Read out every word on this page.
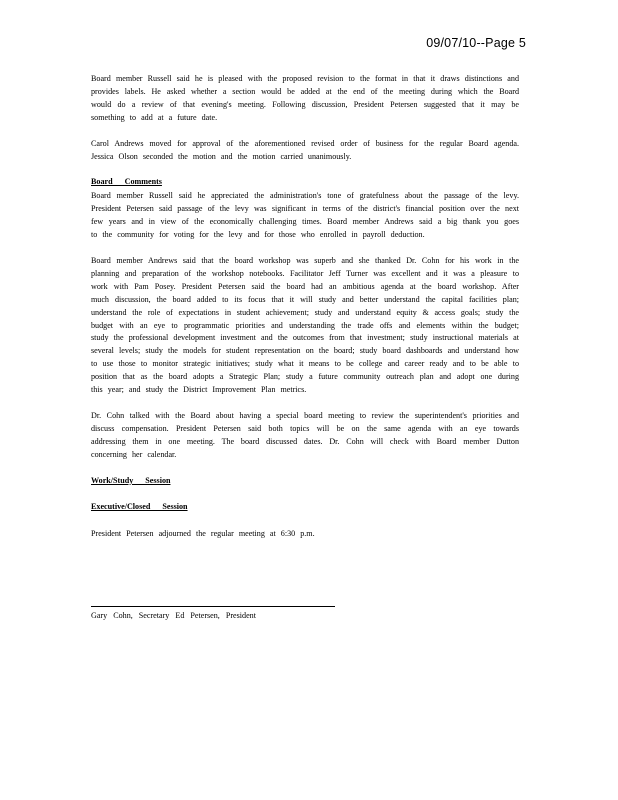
09/07/10--Page 5

Board member Russell said he is pleased with the proposed revision to the format in that it draws distinctions and provides labels. He asked whether a section would be added at the end of the meeting during which the Board would do a review of that evening's meeting. Following discussion, President Petersen suggested that it may be something to add at a future date.

Carol Andrews moved for approval of the aforementioned revised order of business for the regular Board agenda. Jessica Olson seconded the motion and the motion carried unanimously.

Board Comments

Board member Russell said he appreciated the administration's tone of gratefulness about the passage of the levy. President Petersen said passage of the levy was significant in terms of the district's financial position over the next few years and in view of the economically challenging times. Board member Andrews said a big thank you goes to the community for voting for the levy and for those who enrolled in payroll deduction.

Board member Andrews said that the board workshop was superb and she thanked Dr. Cohn for his work in the planning and preparation of the workshop notebooks. Facilitator Jeff Turner was excellent and it was a pleasure to work with Pam Posey. President Petersen said the board had an ambitious agenda at the board workshop. After much discussion, the board added to its focus that it will study and better understand the capital facilities plan; understand the role of expectations in student achievement; study and understand equity & access goals; study the budget with an eye to programmatic priorities and understanding the trade offs and elements within the budget; study the professional development investment and the outcomes from that investment; study instructional materials at several levels; study the models for student representation on the board; study board dashboards and understand how to use those to monitor strategic initiatives; study what it means to be college and career ready and to be able to position that as the board adopts a Strategic Plan; study a future community outreach plan and adopt one during this year; and study the District Improvement Plan metrics.

Dr. Cohn talked with the Board about having a special board meeting to review the superintendent's priorities and discuss compensation. President Petersen said both topics will be on the same agenda with an eye towards addressing them in one meeting. The board discussed dates. Dr. Cohn will check with Board member Dutton concerning her calendar.

Work/Study Session
Executive/Closed Session

President Petersen adjourned the regular meeting at 6:30 p.m.

Gary Cohn, Secretary Ed Petersen, President
